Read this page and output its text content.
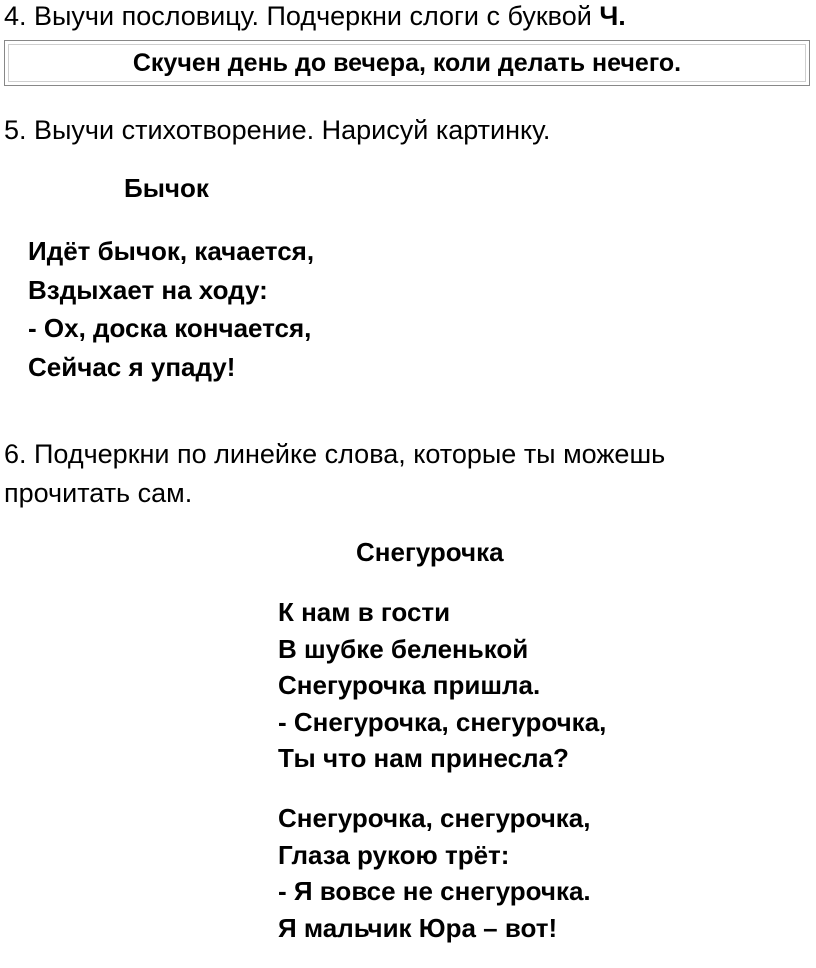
4. Выучи пословицу. Подчеркни слоги с буквой Ч.
Скучен день до вечера, коли делать нечего.
5. Выучи стихотворение. Нарисуй картинку.
Бычок
Идёт бычок, качается,
Вздыхает на ходу:
- Ох, доска кончается,
Сейчас я упаду!
6. Подчеркни по линейке слова, которые ты можешь
прочитать сам.
Снегурочка
К нам в гости
В шубке беленькой
Снегурочка пришла.
- Снегурочка, снегурочка,
Ты что нам принесла?
Снегурочка, снегурочка,
Глаза рукою трёт:
- Я вовсе не снегурочка.
Я мальчик Юра – вот!
